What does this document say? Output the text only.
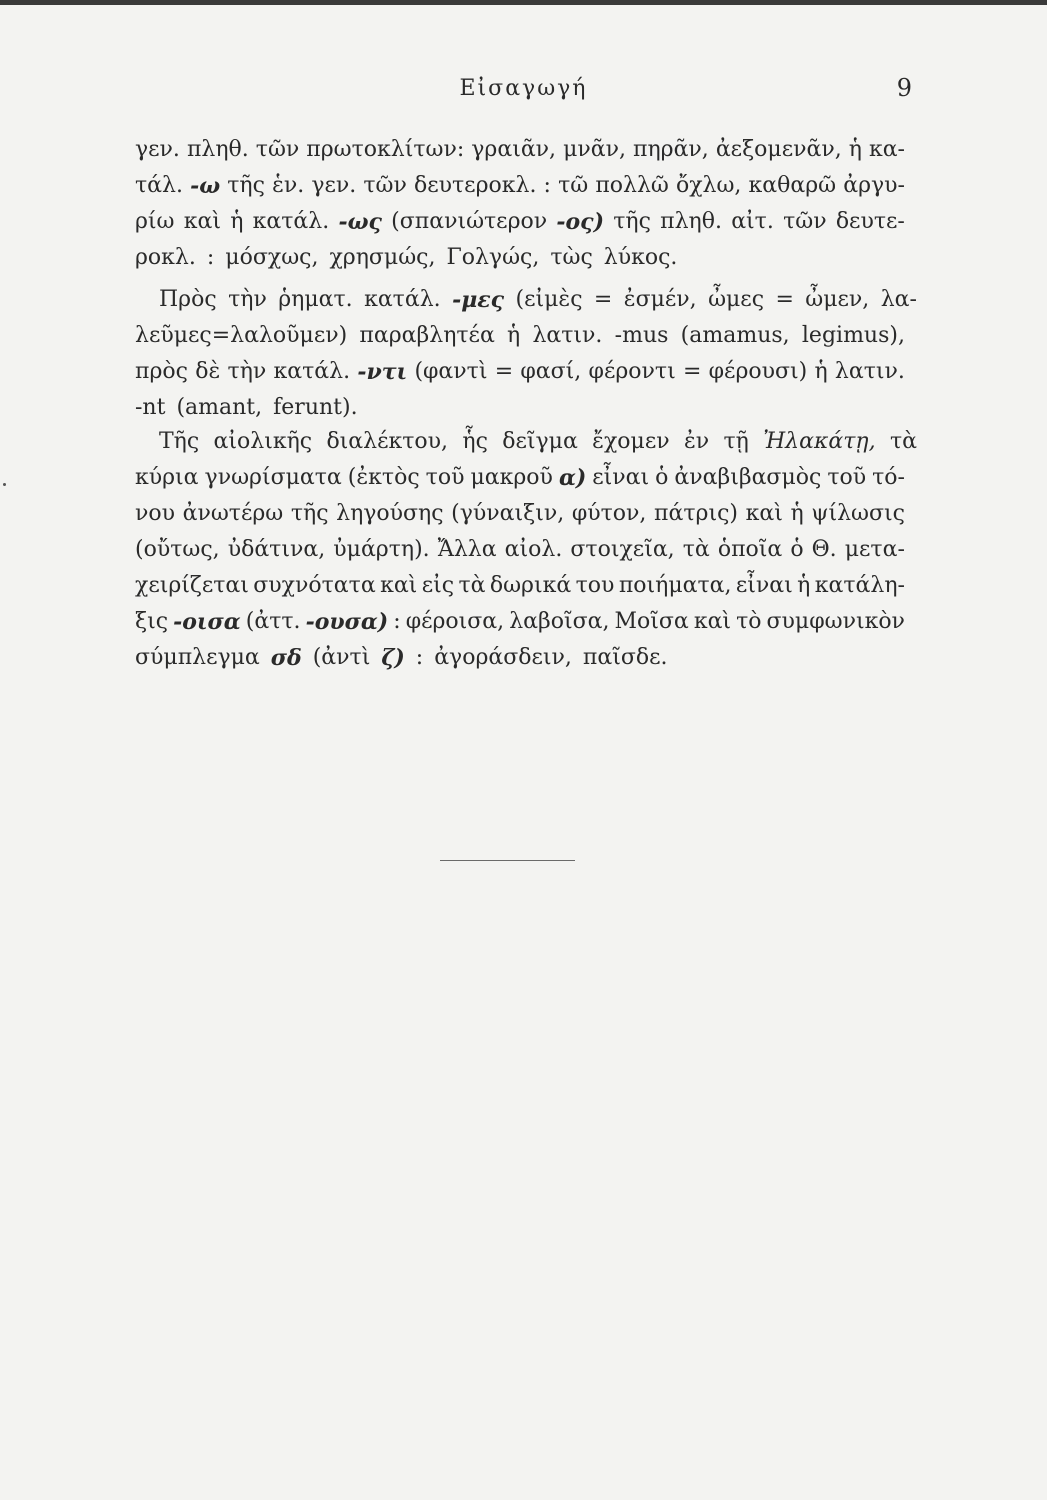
Εἰσαγωγή	9
γεν. πληθ. τῶν πρωτοκλίτων: γραιᾶν, μνᾶν, πηρᾶν, ἀεξομενᾶν, ἡ κα-
τάλ. -ω τῆς ἑν. γεν. τῶν δευτεροκλ. : τῶ πολλῶ ὄχλω, καθαρῶ ἀργυ-
ρίω καὶ ἡ κατάλ. -ως (σπανιώτερον -ος) τῆς πληθ. αἰτ. τῶν δευτε-
ροκλ. : μόσχως, χρησμώς, Γολγώς, τὼς λύκος.
Πρὸς τὴν ῥηματ. κατάλ. -μες (εἰμὲς = ἐσμέν, ὦμες = ὦμεν, λα-
λεῦμες=λαλοῦμεν) παραβλητέα ἡ λατιν. -mus (amamus, legimus),
πρὸς δὲ τὴν κατάλ. -ντι (φαντὶ = φασί, φέροντι = φέρουσι) ἡ λατιν.
-nt (amant, ferunt).
Τῆς αἰολικῆς διαλέκτου, ἧς δεῖγμα ἔχομεν ἐν τῇ Ἠλακάτῃ, τὰ
κύρια γνωρίσματα (ἐκτὸς τοῦ μακροῦ α) εἶναι ὁ ἀναβιβασμὸς τοῦ τό-
νου ἀνωτέρω τῆς ληγούσης (γύναιξιν, φύτον, πάτρις) καὶ ἡ ψίλωσις
(οὔτως, ὐδάτινα, ὐμάρτη). Ἄλλα αἰολ. στοιχεῖα, τὰ ὁποῖα ὁ Θ. μετα-
χειρίζεται συχνότατα καὶ εἰς τὰ δωρικά του ποιήματα, εἶναι ἡ κατάλη-
ξις -οισα (ἀττ. -ουσα) : φέροισα, λαβοῖσα, Μοῖσα καὶ τὸ συμφωνικὸν
σύμπλεγμα σδ (ἀντὶ ζ) : ἀγοράσδειν, παῖσδε.
